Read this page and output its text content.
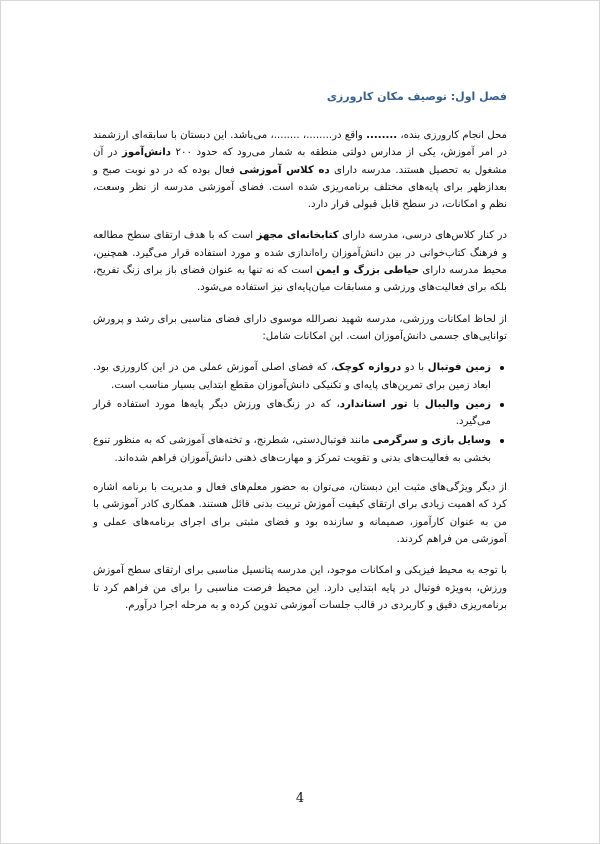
فصل اول: توصیف مکان کارورزی

محل انجام کارورزی بنده، ........ واقع در........، ........، می‌باشد. این دبستان با سابقه‌ای ارزشمند در امر آموزش، یکی از مدارس دولتی منطقه به شمار می‌رود که حدود ۲۰۰ دانش‌آموز در آن مشغول به تحصیل هستند. مدرسه دارای ده کلاس آموزشی فعال بوده که در دو نوبت صبح و بعدازظهر برای پایه‌های مختلف برنامه‌ریزی شده است. فضای آموزشی مدرسه از نظر وسعت، نظم و امکانات، در سطح قابل قبولی قرار دارد.

در کنار کلاس‌های درسی، مدرسه دارای کتابخانه‌ای مجهز است که با هدف ارتقای سطح مطالعه و فرهنگ کتاب‌خوانی در بین دانش‌آموزان راه‌اندازی شده و مورد استفاده قرار می‌گیرد. همچنین، محیط مدرسه دارای حیاطی بزرگ و ایمن است که نه تنها به عنوان فضای باز برای زنگ تفریح، بلکه برای فعالیت‌های ورزشی و مسابقات میان‌پایه‌ای نیز استفاده می‌شود.

از لحاظ امکانات ورزشی، مدرسه شهید نصرالله موسوی دارای فضای مناسبی برای رشد و پرورش توانایی‌های جسمی دانش‌آموزان است. این امکانات شامل:

زمین فوتبال با دو دروازه کوچک، که فضای اصلی آموزش عملی من در این کارورزی بود. ابعاد زمین برای تمرین‌های پایه‌ای و تکنیکی دانش‌آموزان مقطع ابتدایی بسیار مناسب است.
زمین والیبال با تور استاندارد، که در زنگ‌های ورزش دیگر پایه‌ها مورد استفاده قرار می‌گیرد.
وسایل بازی و سرگرمی مانند فوتبال‌دستی، شطرنج، و تخته‌های آموزشی که به منظور تنوع بخشی به فعالیت‌های بدنی و تقویت تمرکز و مهارت‌های ذهنی دانش‌آموزان فراهم شده‌اند.

از دیگر ویژگی‌های مثبت این دبستان، می‌توان به حضور معلم‌های فعال و مدیریت با برنامه اشاره کرد که اهمیت زیادی برای ارتقای کیفیت آموزش تربیت بدنی قائل هستند. همکاری کادر آموزشی با من به عنوان کارآموز، صمیمانه و سازنده بود و فضای مثبتی برای اجرای برنامه‌های عملی و آموزشی من فراهم کردند.

با توجه به محیط فیزیکی و امکانات موجود، این مدرسه پتانسیل مناسبی برای ارتقای سطح آموزش ورزش، به‌ویژه فوتبال در پایه ابتدایی دارد. این محیط فرصت مناسبی را برای من فراهم کرد تا برنامه‌ریزی دقیق و کاربردی در قالب جلسات آموزشی تدوین کرده و به مرحله اجرا درآورم.

4
